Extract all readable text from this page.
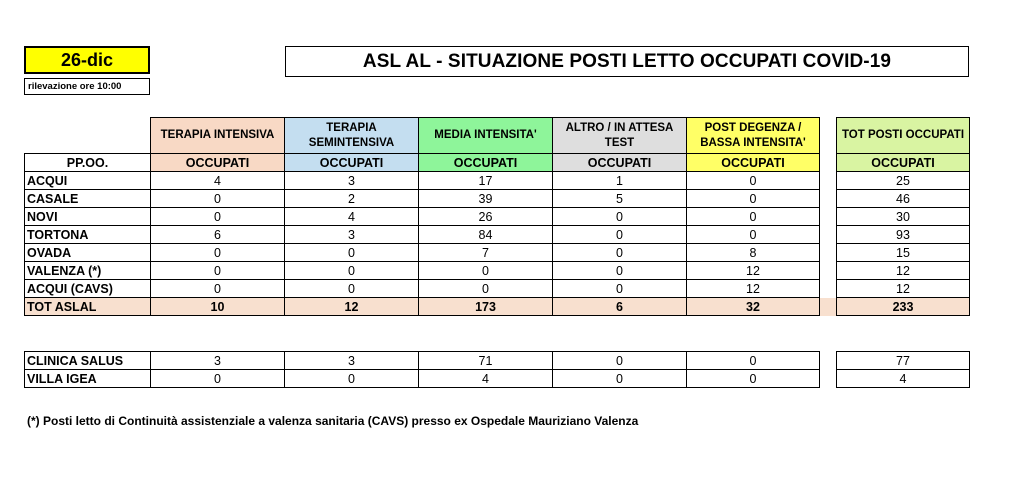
26-dic
rilevazione ore 10:00
ASL AL - SITUAZIONE POSTI LETTO OCCUPATI COVID-19
	TERAPIA INTENSIVA	TERAPIA SEMINTENSIVA	MEDIA INTENSITA'	ALTRO / IN ATTESA TEST	POST DEGENZA / BASSA INTENSITA'		TOT POSTI OCCUPATI
PP.OO.	OCCUPATI	OCCUPATI	OCCUPATI	OCCUPATI	OCCUPATI		OCCUPATI
ACQUI	4	3	17	1	0		25
CASALE	0	2	39	5	0		46
NOVI	0	4	26	0	0		30
TORTONA	6	3	84	0	0		93
OVADA	0	0	7	0	8		15
VALENZA (*)	0	0	0	0	12		12
ACQUI (CAVS)	0	0	0	0	12		12
TOT ASLAL	10	12	173	6	32		233
CLINICA SALUS	3	3	71	0	0		77
VILLA IGEA	0	0	4	0	0		4
(*) Posti letto di Continuità assistenziale a valenza sanitaria (CAVS) presso ex Ospedale Mauriziano Valenza
